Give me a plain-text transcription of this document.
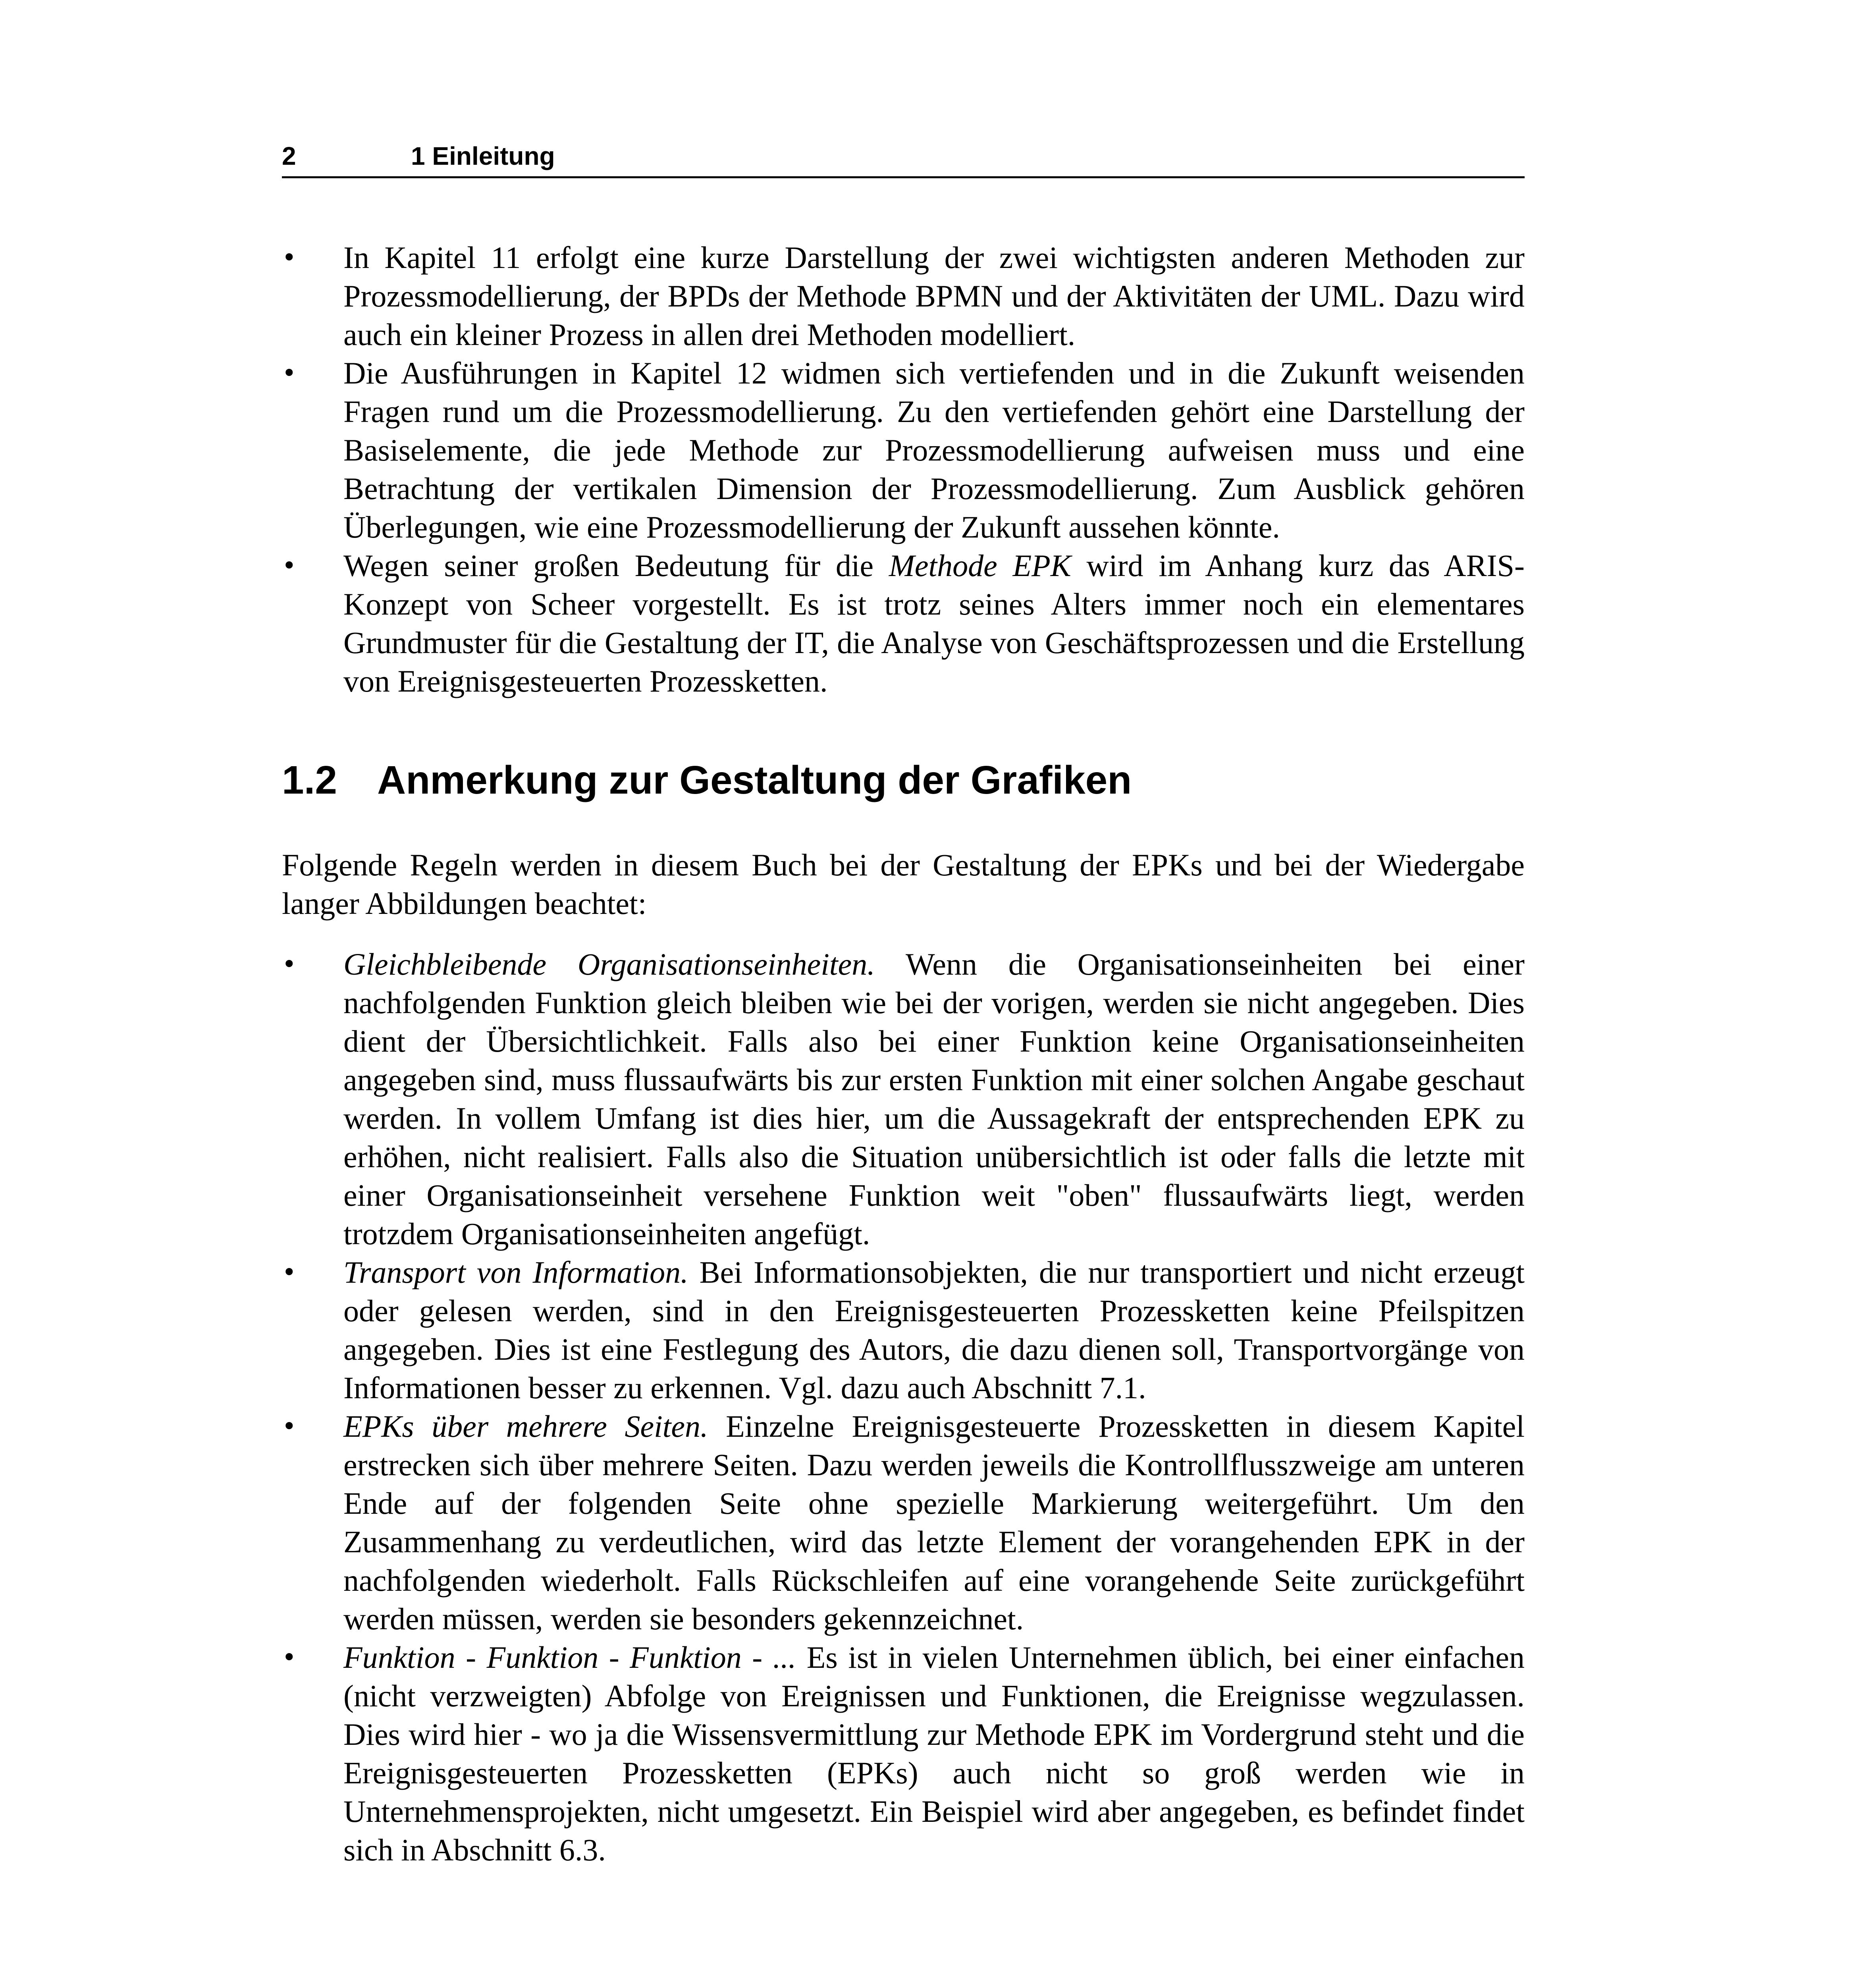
2	1 Einleitung
• In Kapitel 11 erfolgt eine kurze Darstellung der zwei wichtigsten anderen Methoden zur Prozessmodellierung, der BPDs der Methode BPMN und der Aktivitäten der UML. Dazu wird auch ein kleiner Prozess in allen drei Methoden modelliert.
• Die Ausführungen in Kapitel 12 widmen sich vertiefenden und in die Zukunft weisenden Fragen rund um die Prozessmodellierung. Zu den vertiefenden gehört eine Darstellung der Basiselemente, die jede Methode zur Prozessmodellierung aufweisen muss und eine Betrachtung der vertikalen Dimension der Prozessmodellierung. Zum Ausblick gehören Überlegungen, wie eine Prozessmodellierung der Zukunft aussehen könnte.
• Wegen seiner großen Bedeutung für die Methode EPK wird im Anhang kurz das ARIS-Konzept von Scheer vorgestellt. Es ist trotz seines Alters immer noch ein elementares Grundmuster für die Gestaltung der IT, die Analyse von Geschäftsprozessen und die Erstellung von Ereignisgesteuerten Prozessketten.
1.2 Anmerkung zur Gestaltung der Grafiken

Folgende Regeln werden in diesem Buch bei der Gestaltung der EPKs und bei der Wiedergabe langer Abbildungen beachtet:

• Gleichbleibende Organisationseinheiten. Wenn die Organisationseinheiten bei einer nachfolgenden Funktion gleich bleiben wie bei der vorigen, werden sie nicht angegeben. Dies dient der Übersichtlichkeit. Falls also bei einer Funktion keine Organisationseinheiten angegeben sind, muss flussaufwärts bis zur ersten Funktion mit einer solchen Angabe geschaut werden. In vollem Umfang ist dies hier, um die Aussagekraft der entsprechenden EPK zu erhöhen, nicht realisiert. Falls also die Situation unübersichtlich ist oder falls die letzte mit einer Organisationseinheit versehene Funktion weit "oben" flussaufwärts liegt, werden trotzdem Organisationseinheiten angefügt.
• Transport von Information. Bei Informationsobjekten, die nur transportiert und nicht erzeugt oder gelesen werden, sind in den Ereignisgesteuerten Prozessketten keine Pfeilspitzen angegeben. Dies ist eine Festlegung des Autors, die dazu dienen soll, Transportvorgänge von Informationen besser zu erkennen. Vgl. dazu auch Abschnitt 7.1.
• EPKs über mehrere Seiten. Einzelne Ereignisgesteuerte Prozessketten in diesem Kapitel erstrecken sich über mehrere Seiten. Dazu werden jeweils die Kontrollflusszweige am unteren Ende auf der folgenden Seite ohne spezielle Markierung weitergeführt. Um den Zusammenhang zu verdeutlichen, wird das letzte Element der vorangehenden EPK in der nachfolgenden wiederholt. Falls Rückschleifen auf eine vorangehende Seite zurückgeführt werden müssen, werden sie besonders gekennzeichnet.
• Funktion - Funktion - Funktion - ... Es ist in vielen Unternehmen üblich, bei einer einfachen (nicht verzweigten) Abfolge von Ereignissen und Funktionen, die Ereignisse wegzulassen. Dies wird hier - wo ja die Wissensvermittlung zur Methode EPK im Vordergrund steht und die Ereignisgesteuerten Prozessketten (EPKs) auch nicht so groß werden wie in Unternehmensprojekten, nicht umgesetzt. Ein Beispiel wird aber angegeben, es befindet findet sich in Abschnitt 6.3.
